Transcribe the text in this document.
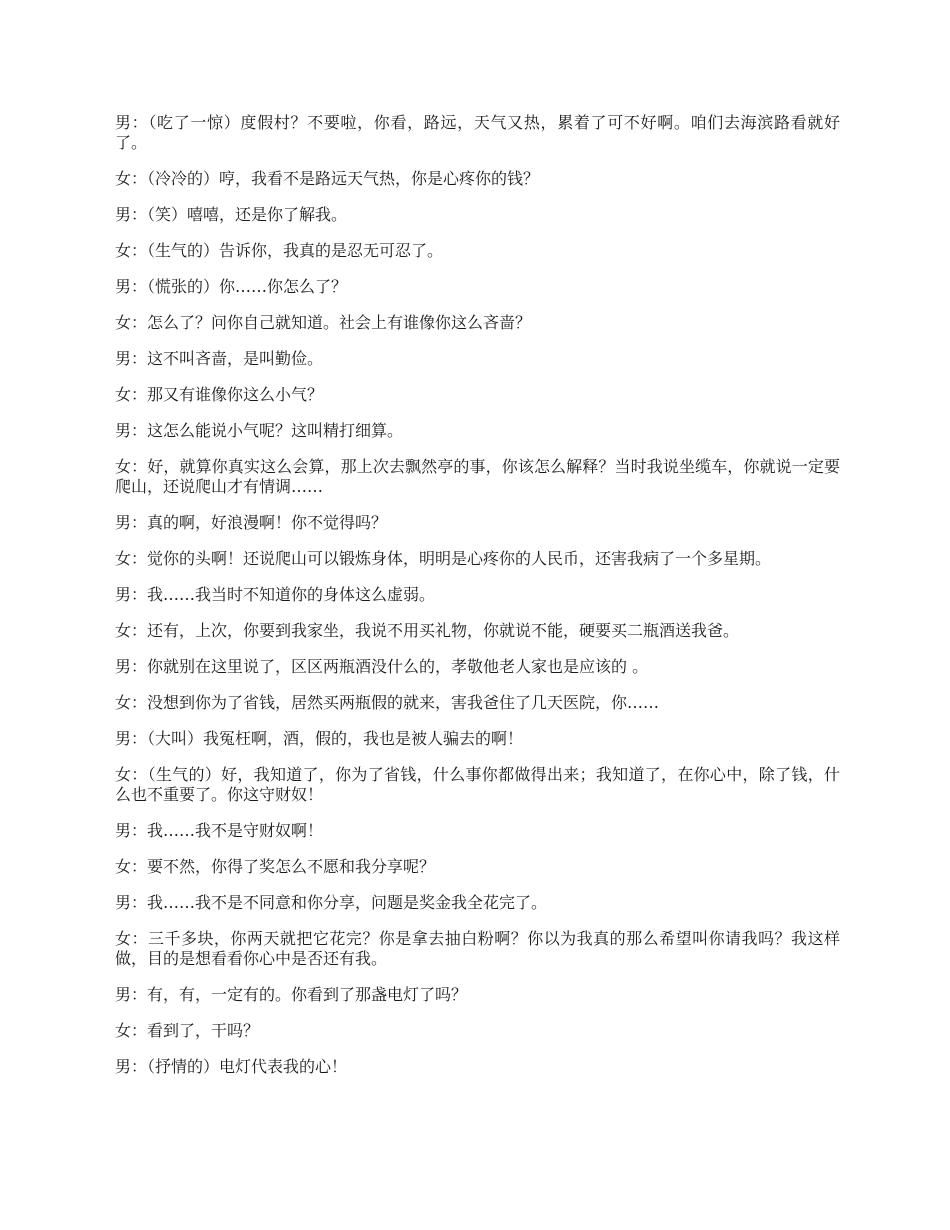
男：（吃了一惊）度假村？不要啦，你看，路远，天气又热，累着了可不好啊。咱们去海滨路看就好了。

女：（冷冷的）哼，我看不是路远天气热，你是心疼你的钱？

男：（笑）嘻嘻，还是你了解我。

女：（生气的）告诉你，我真的是忍无可忍了。

男：（慌张的）你……你怎么了？

女：怎么了？问你自己就知道。社会上有谁像你这么吝啬？

男：这不叫吝啬，是叫勤俭。

女：那又有谁像你这么小气？

男：这怎么能说小气呢？这叫精打细算。

女：好，就算你真实这么会算，那上次去飘然亭的事，你该怎么解释？当时我说坐缆车，你就说一定要爬山，还说爬山才有情调……

男：真的啊，好浪漫啊！你不觉得吗？

女：觉你的头啊！还说爬山可以锻炼身体，明明是心疼你的人民币，还害我病了一个多星期。

男：我……我当时不知道你的身体这么虚弱。

女：还有，上次，你要到我家坐，我说不用买礼物，你就说不能，硬要买二瓶酒送我爸。

男：你就别在这里说了，区区两瓶酒没什么的，孝敬他老人家也是应该的 。

女：没想到你为了省钱，居然买两瓶假的就来，害我爸住了几天医院，你……

男：（大叫）我冤枉啊，酒，假的，我也是被人骗去的啊！

女：（生气的）好，我知道了，你为了省钱，什么事你都做得出来；我知道了，在你心中，除了钱，什么也不重要了。你这守财奴！

男：我……我不是守财奴啊！

女：要不然，你得了奖怎么不愿和我分享呢？

男：我……我不是不同意和你分享，问题是奖金我全花完了。

女：三千多块，你两天就把它花完？你是拿去抽白粉啊？你以为我真的那么希望叫你请我吗？我这样做，目的是想看看你心中是否还有我。

男：有，有，一定有的。你看到了那盏电灯了吗？

女：看到了，干吗？

男：（抒情的）电灯代表我的心！
